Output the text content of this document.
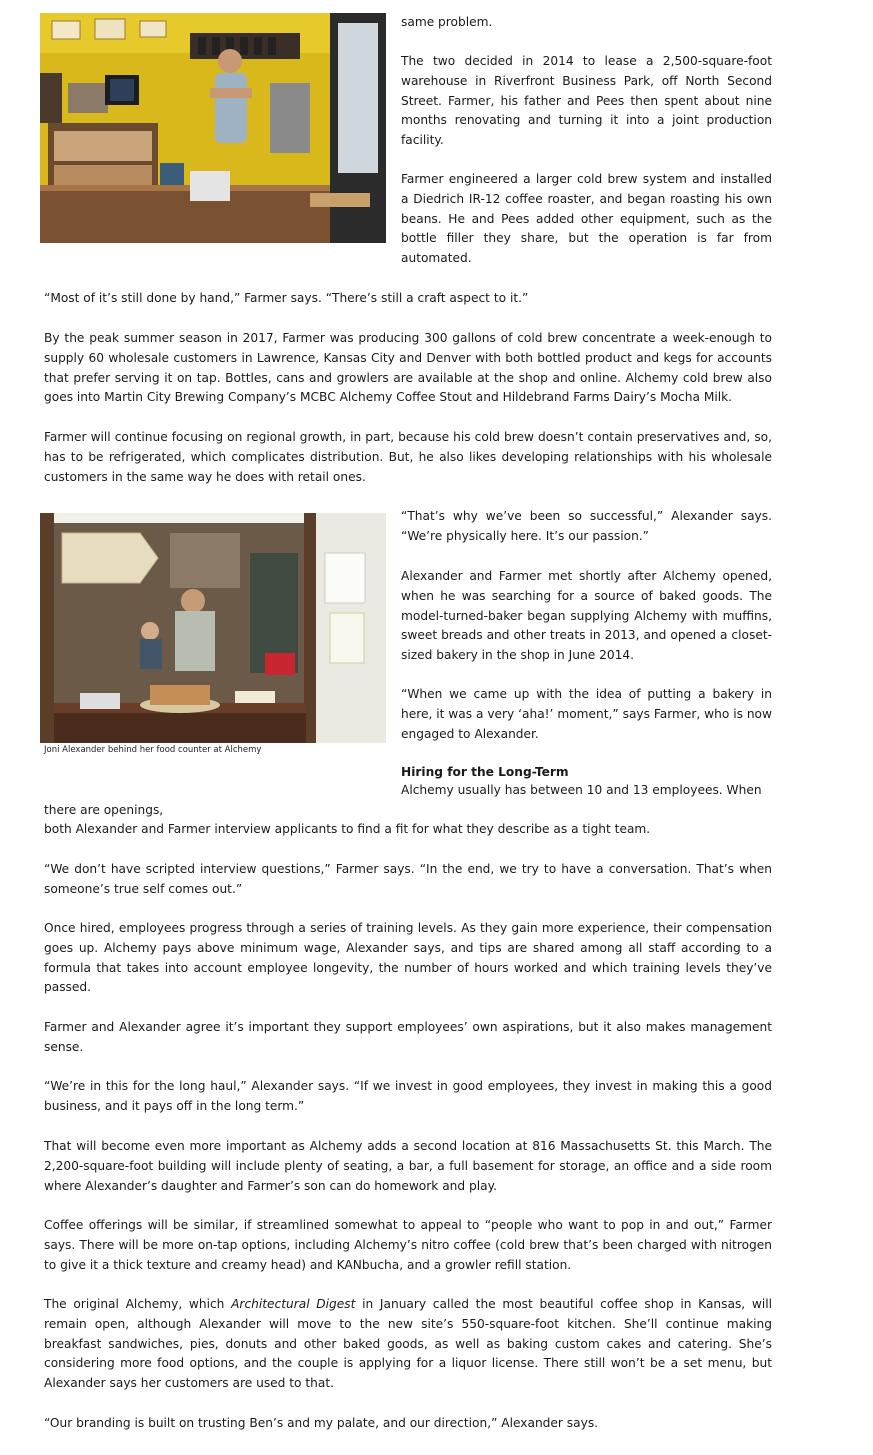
same problem.

The two decided in 2014 to lease a 2,500-square-foot warehouse in Riverfront Business Park, off North Second Street. Farmer, his father and Pees then spent about nine months renovating and turning it into a joint production facility.

Farmer engineered a larger cold brew system and installed a Diedrich IR-12 coffee roaster, and began roasting his own beans. He and Pees added other equipment, such as the bottle filler they share, but the operation is far from automated.

“Most of it’s still done by hand,” Farmer says. “There’s still a craft aspect to it.”

By the peak summer season in 2017, Farmer was producing 300 gallons of cold brew concentrate a week-enough to supply 60 wholesale customers in Lawrence, Kansas City and Denver with both bottled product and kegs for accounts that prefer serving it on tap. Bottles, cans and growlers are available at the shop and online. Alchemy cold brew also goes into Martin City Brewing Company’s MCBC Alchemy Coffee Stout and Hildebrand Farms Dairy’s Mocha Milk.

Farmer will continue focusing on regional growth, in part, because his cold brew doesn’t contain preservatives and, so, has to be refrigerated, which complicates distribution. But, he also likes developing relationships with his wholesale customers in the same way he does with retail ones.

Joni Alexander behind her food counter at Alchemy

“That’s why we’ve been so successful,” Alexander says. “We’re physically here. It’s our passion.”

Alexander and Farmer met shortly after Alchemy opened, when he was searching for a source of baked goods. The model-turned-baker began supplying Alchemy with muffins, sweet breads and other treats in 2013, and opened a closet-sized bakery in the shop in June 2014.

“When we came up with the idea of putting a bakery in here, it was a very ‘aha!’ moment,” says Farmer, who is now engaged to Alexander.

Hiring for the Long-Term

Alchemy usually has between 10 and 13 employees. When

there are openings,

both Alexander and Farmer interview applicants to find a fit for what they describe as a tight team.

“We don’t have scripted interview questions,” Farmer says. “In the end, we try to have a conversation. That’s when someone’s true self comes out.”

Once hired, employees progress through a series of training levels. As they gain more experience, their compensation goes up. Alchemy pays above minimum wage, Alexander says, and tips are shared among all staff according to a formula that takes into account employee longevity, the number of hours worked and which training levels they’ve passed.

Farmer and Alexander agree it’s important they support employees’ own aspirations, but it also makes management sense.

“We’re in this for the long haul,” Alexander says. “If we invest in good employees, they invest in making this a good business, and it pays off in the long term.”

That will become even more important as Alchemy adds a second location at 816 Massachusetts St. this March. The 2,200-square-foot building will include plenty of seating, a bar, a full basement for storage, an office and a side room where Alexander’s daughter and Farmer’s son can do homework and play.

Coffee offerings will be similar, if streamlined somewhat to appeal to “people who want to pop in and out,” Farmer says. There will be more on-tap options, including Alchemy’s nitro coffee (cold brew that’s been charged with nitrogen to give it a thick texture and creamy head) and KANbucha, and a growler refill station.

The original Alchemy, which Architectural Digest in January called the most beautiful coffee shop in Kansas, will remain open, although Alexander will move to the new site’s 550-square-foot kitchen. She’ll continue making breakfast sandwiches, pies, donuts and other baked goods, as well as baking custom cakes and catering. She’s considering more food options, and the couple is applying for a liquor license. There still won’t be a set menu, but Alexander says her customers are used to that.

“Our branding is built on trusting Ben’s and my palate, and our direction,” Alexander says.
